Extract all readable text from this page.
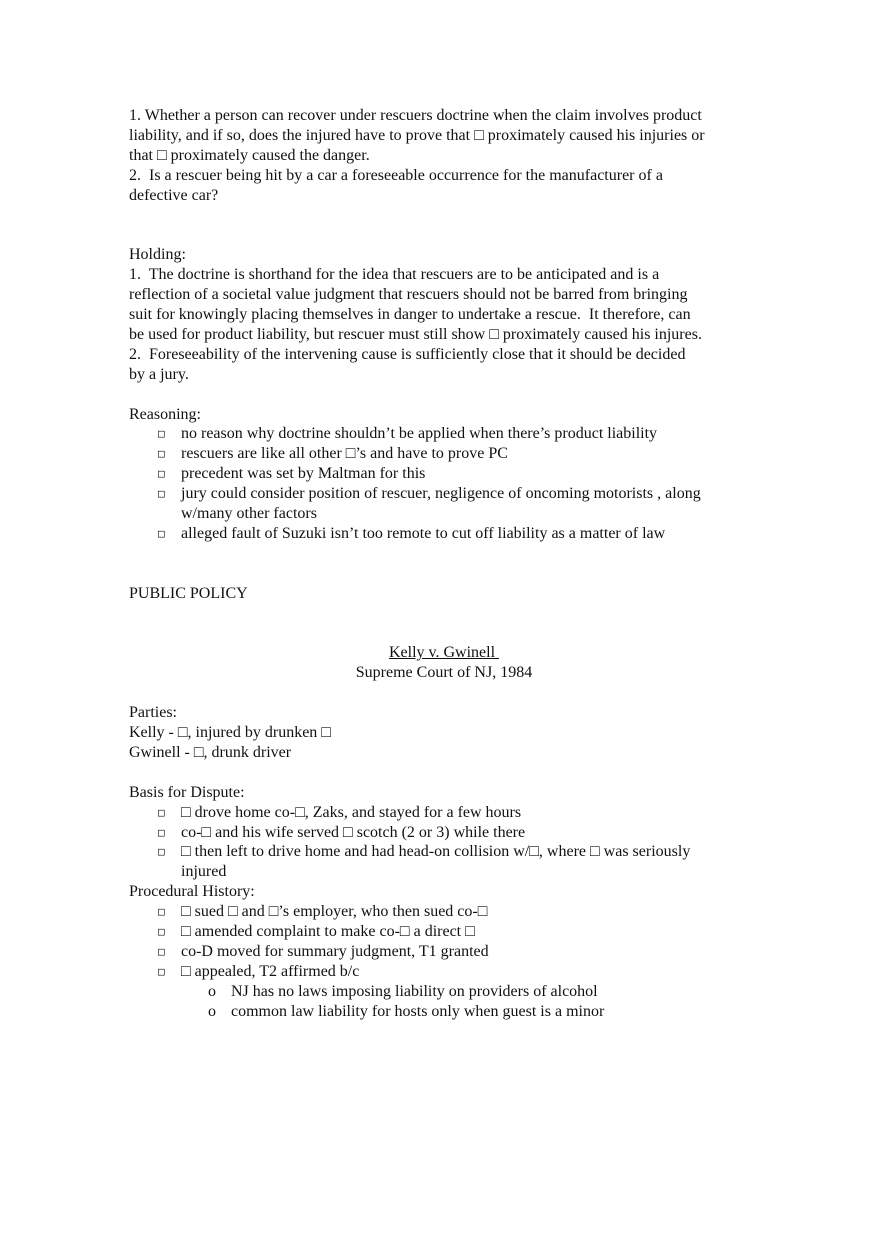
1. Whether a person can recover under rescuers doctrine when the claim involves product
liability, and if so, does the injured have to prove that □ proximately caused his injuries or
that □ proximately caused the danger.
2.  Is a rescuer being hit by a car a foreseeable occurrence for the manufacturer of a
defective car?
Holding:
1.  The doctrine is shorthand for the idea that rescuers are to be anticipated and is a
reflection of a societal value judgment that rescuers should not be barred from bringing
suit for knowingly placing themselves in danger to undertake a rescue.  It therefore, can
be used for product liability, but rescuer must still show □ proximately caused his injures.
2.  Foreseeability of the intervening cause is sufficiently close that it should be decided
by a jury.
Reasoning:
□ no reason why doctrine shouldn’t be applied when there’s product liability
□ rescuers are like all other □’s and have to prove PC
□ precedent was set by Maltman for this
□ jury could consider position of rescuer, negligence of oncoming motorists , along
w/many other factors
□ alleged fault of Suzuki isn’t too remote to cut off liability as a matter of law
PUBLIC POLICY
Kelly v. Gwinell
Supreme Court of NJ, 1984
Parties:
Kelly - □, injured by drunken □
Gwinell - □, drunk driver
Basis for Dispute:
□ □ drove home co-□, Zaks, and stayed for a few hours
□ co-□ and his wife served □ scotch (2 or 3) while there
□ □ then left to drive home and had head-on collision w/□, where □ was seriously
injured
Procedural History:
□ □ sued □ and □’s employer, who then sued co-□
□ □ amended complaint to make co-□ a direct □
□ co-D moved for summary judgment, T1 granted
□ □ appealed, T2 affirmed b/c
o NJ has no laws imposing liability on providers of alcohol
o common law liability for hosts only when guest is a minor
